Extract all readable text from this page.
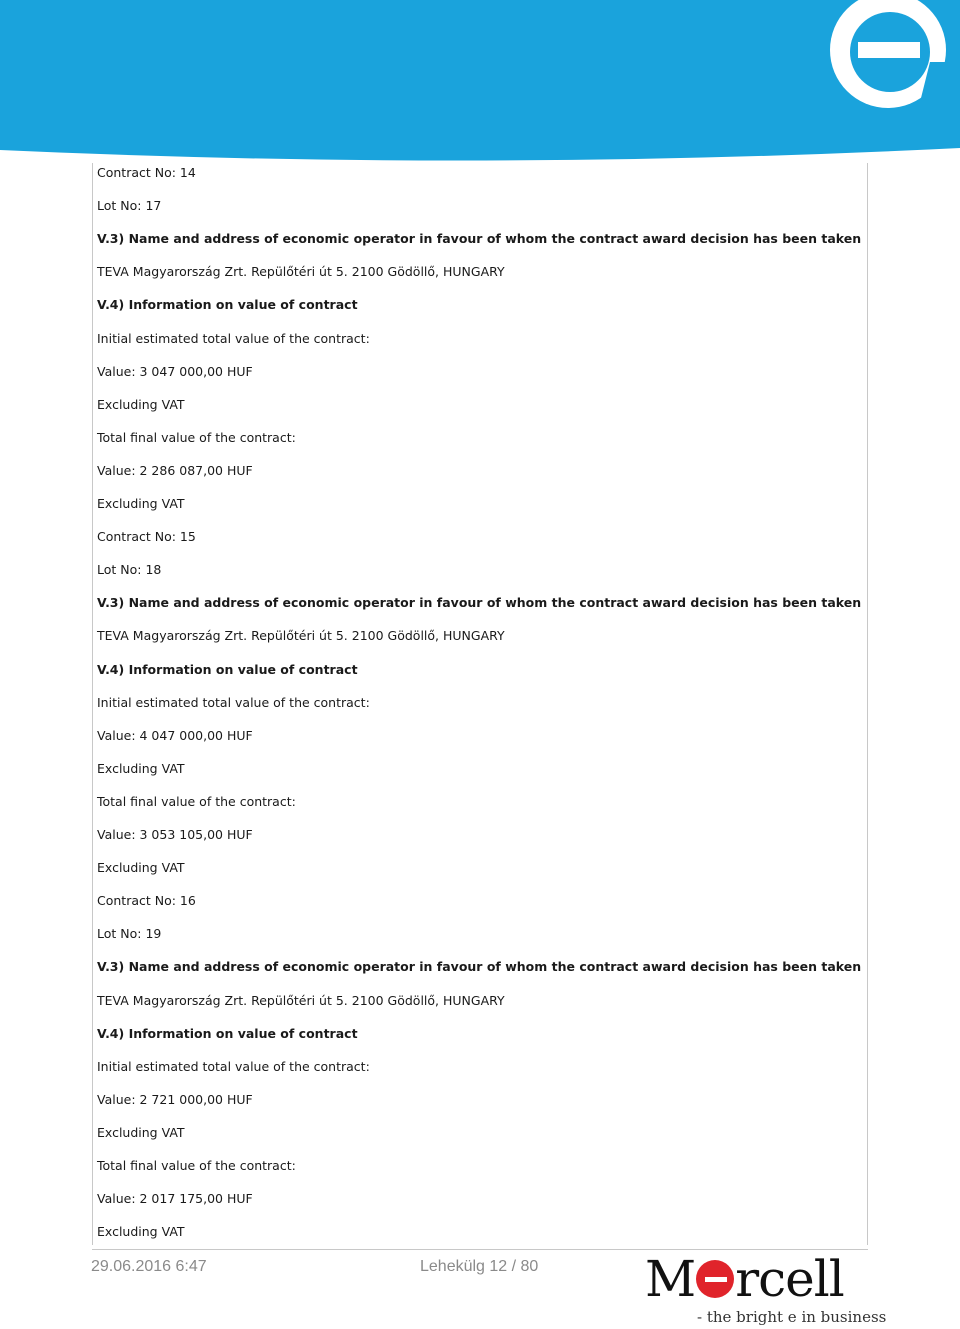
Contract No: 14
Lot No: 17
V.3) Name and address of economic operator in favour of whom the contract award decision has been taken
TEVA Magyarország Zrt. Repülőtéri út 5. 2100 Gödöllő, HUNGARY
V.4) Information on value of contract
Initial estimated total value of the contract:
Value: 3 047 000,00 HUF
Excluding VAT
Total final value of the contract:
Value: 2 286 087,00 HUF
Excluding VAT
Contract No: 15
Lot No: 18
V.3) Name and address of economic operator in favour of whom the contract award decision has been taken
TEVA Magyarország Zrt. Repülőtéri út 5. 2100 Gödöllő, HUNGARY
V.4) Information on value of contract
Initial estimated total value of the contract:
Value: 4 047 000,00 HUF
Excluding VAT
Total final value of the contract:
Value: 3 053 105,00 HUF
Excluding VAT
Contract No: 16
Lot No: 19
V.3) Name and address of economic operator in favour of whom the contract award decision has been taken
TEVA Magyarország Zrt. Repülőtéri út 5. 2100 Gödöllő, HUNGARY
V.4) Information on value of contract
Initial estimated total value of the contract:
Value: 2 721 000,00 HUF
Excluding VAT
Total final value of the contract:
Value: 2 017 175,00 HUF
Excluding VAT
29.06.2016 6:47	Lehekülg 12 / 80 M rcell
- the bright e in business
